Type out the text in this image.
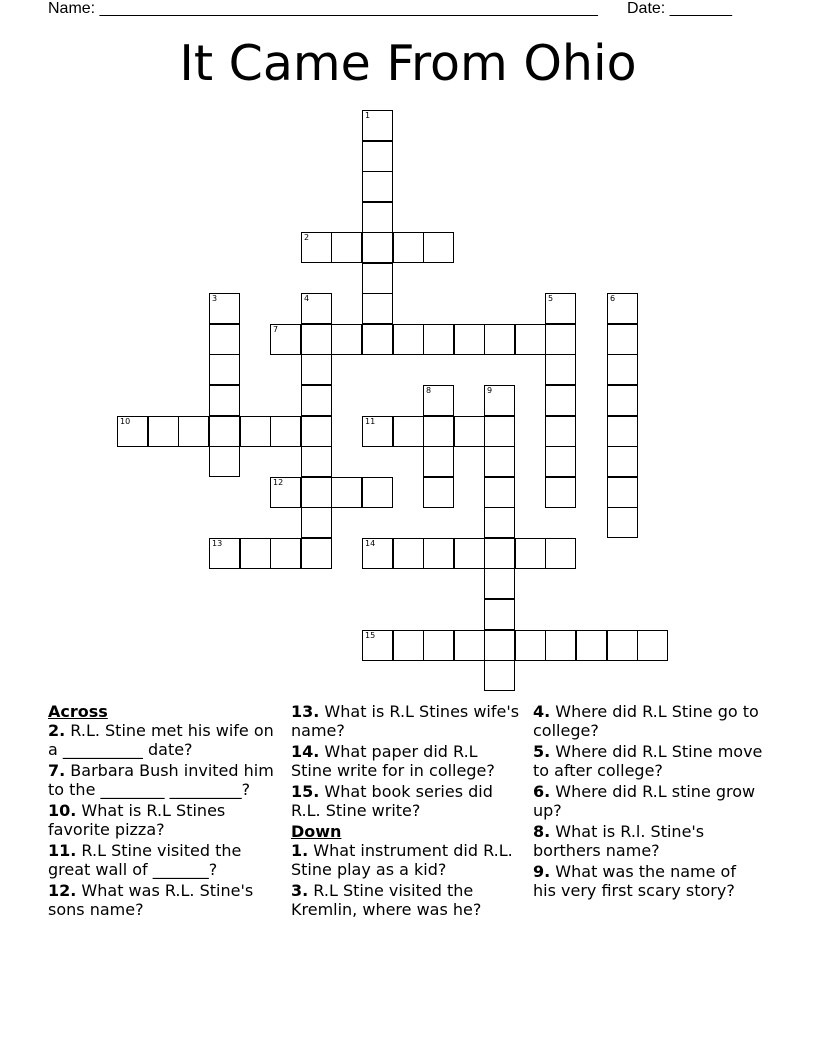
Name: ________________________________________________________ Date: _______
It Came From Ohio
1
2
3	4	5	6
7
8	9
10	11
12
13	14
15
Across
2. R.L. Stine met his wife on a __________ date?
7. Barbara Bush invited him to the ________ _________?
10. What is R.L Stines favorite pizza?
11. R.L Stine visited the great wall of _______?
12. What was R.L. Stine's sons name?
13. What is R.L Stines wife's name?
14. What paper did R.L Stine write for in college?
15. What book series did R.L. Stine write?
Down
1. What instrument did R.L. Stine play as a kid?
3. R.L Stine visited the Kremlin, where was he?
4. Where did R.L Stine go to college?
5. Where did R.L Stine move to after college?
6. Where did R.L stine grow up?
8. What is R.l. Stine's borthers name?
9. What was the name of his very first scary story?
